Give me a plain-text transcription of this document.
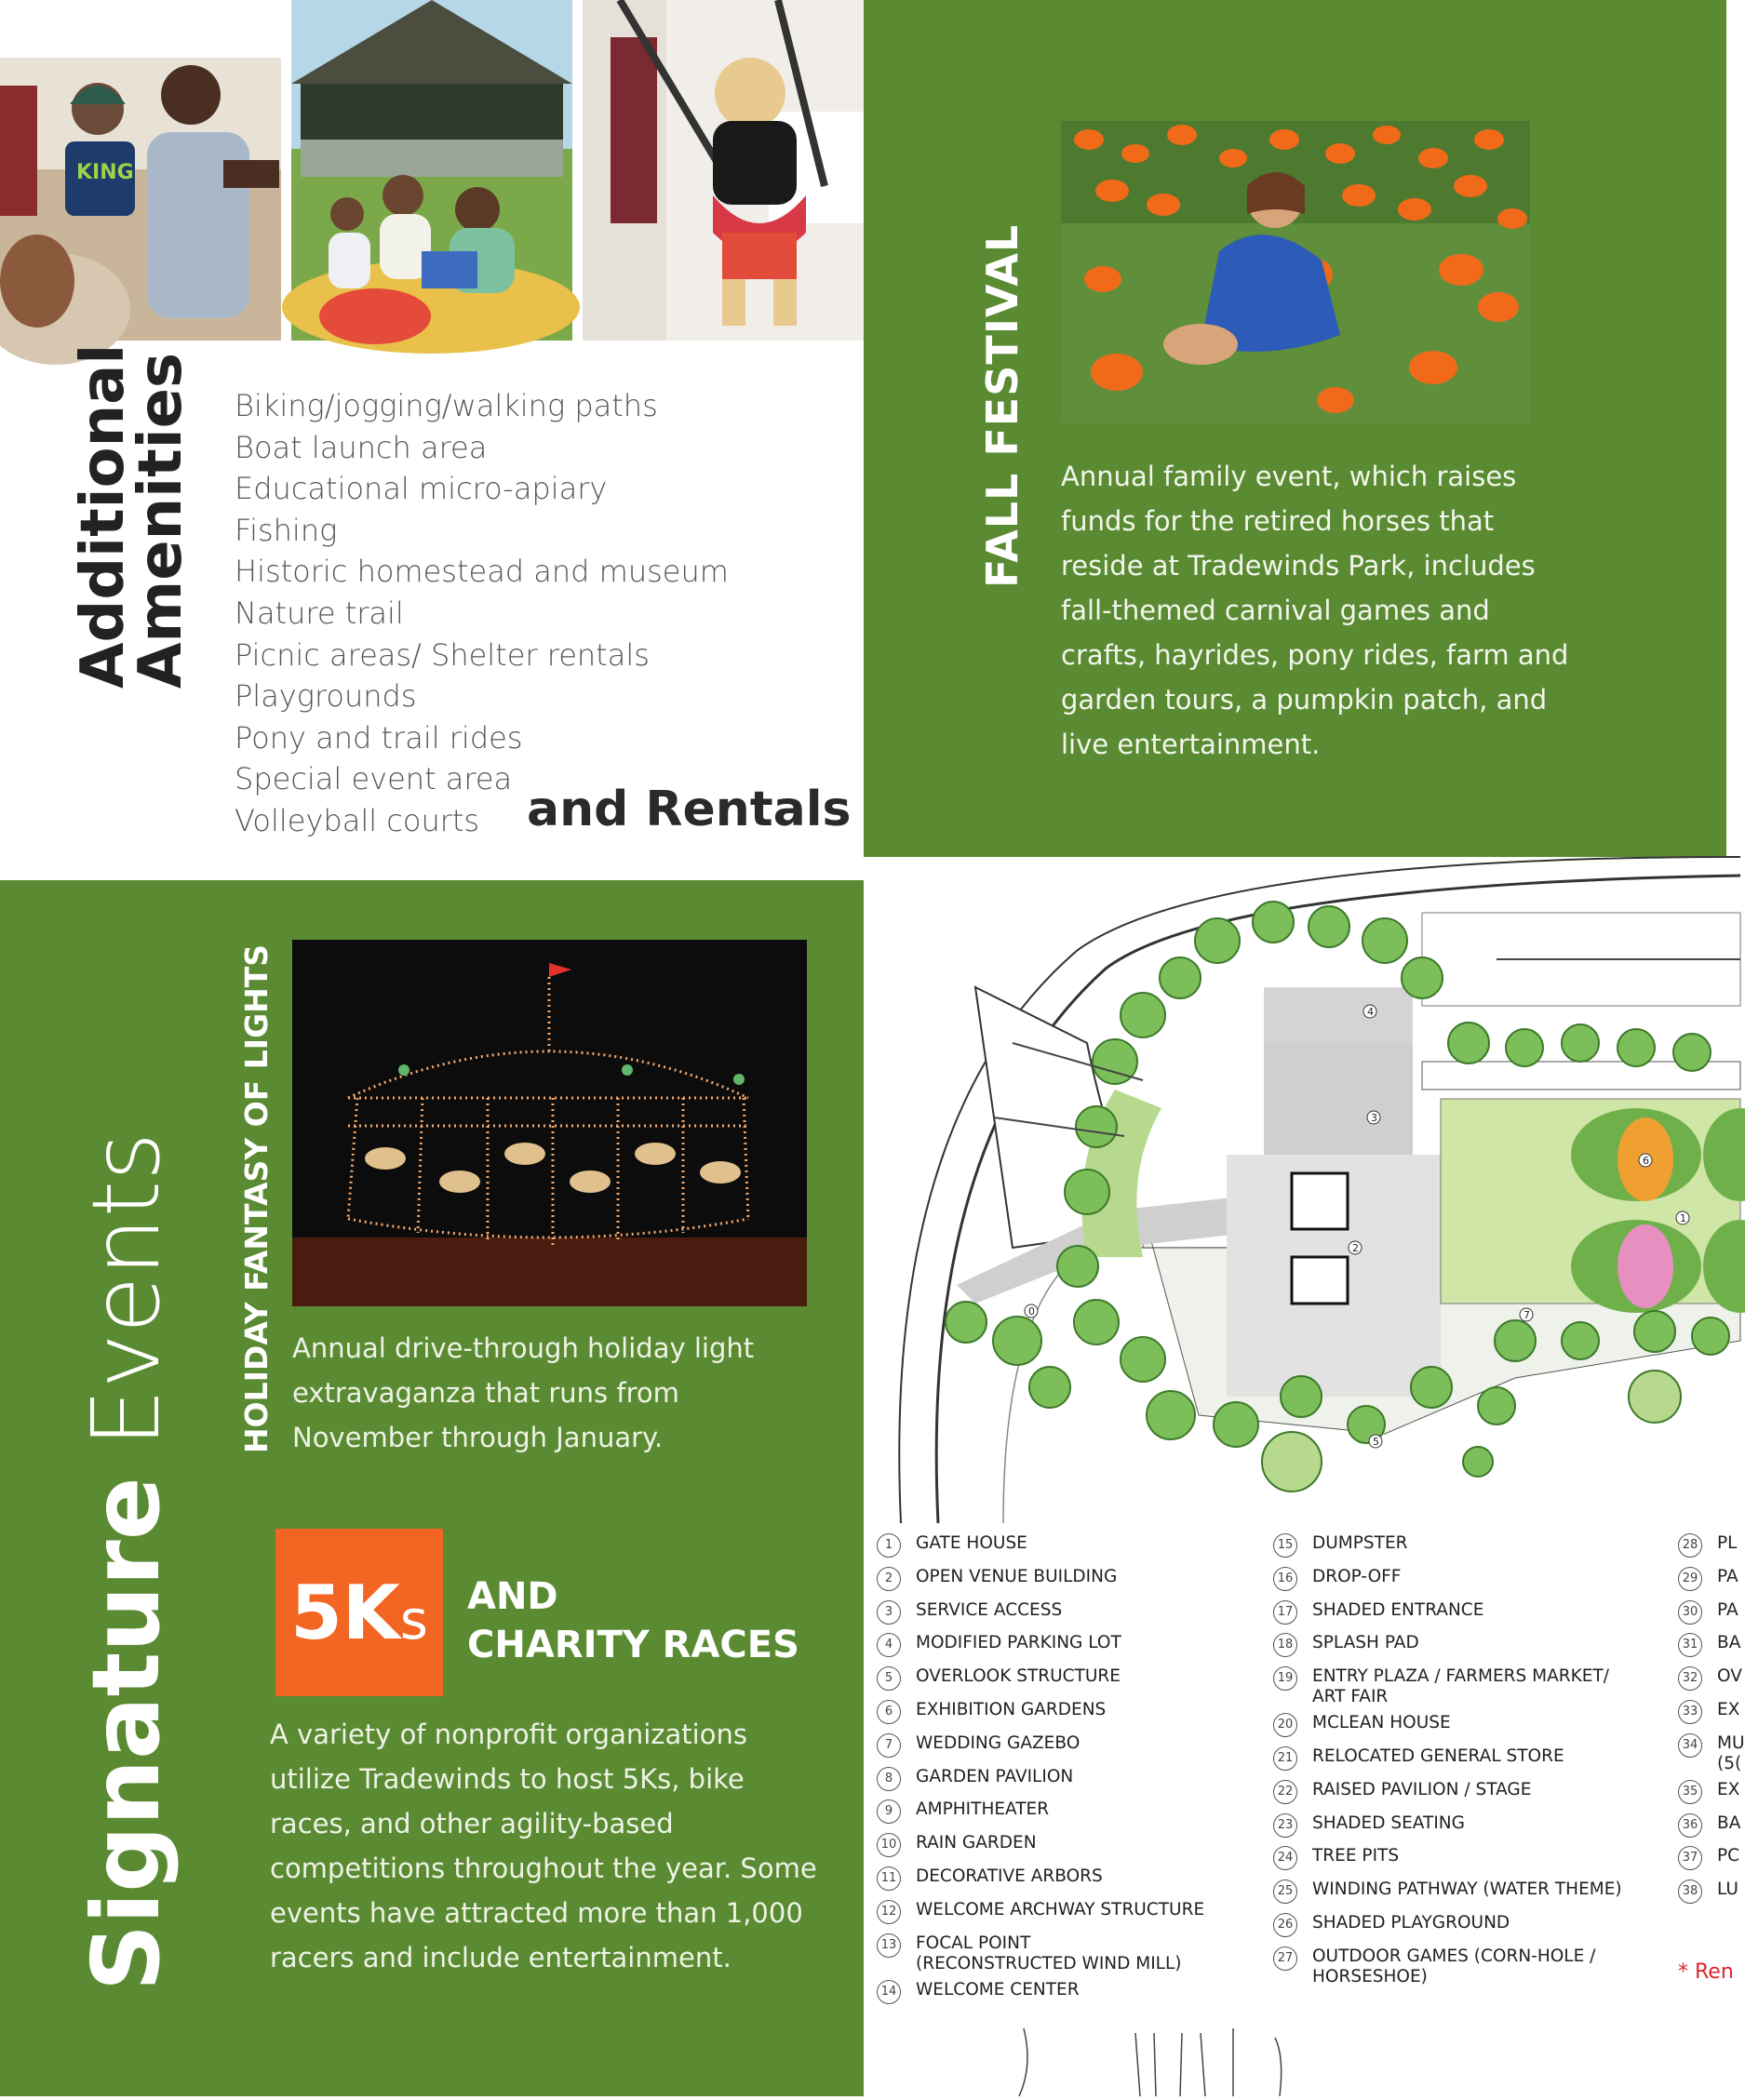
KING
Additional
Amenities Biking/jogging/walking paths
Boat launch area
Educational micro-apiary
Fishing
Historic homestead and museum
Nature trail
Picnic areas/ Shelter rentals
Playgrounds
Pony and trail rides
Special event area
Volleyball courts and Rentals
FALL FESTIVAL Annual family event, which raises funds for the retired horses that reside at Tradewinds Park, includes fall-themed carnival games and crafts, hayrides, pony rides, farm and garden tours, a pumpkin patch, and live entertainment.
Signature Events HOLIDAY FANTASY OF LIGHTS Annual drive-through holiday light extravaganza that runs from November through January.
5K s AND
CHARITY RACES
A variety of nonprofit organizations utilize Tradewinds to host 5Ks, bike races, and other agility-based competitions throughout the year. Some events have attracted more than 1,000 racers and include entertainment.
4
3
2
1
6
7
5
0
1	GATE HOUSE
2	OPEN VENUE BUILDING
3	SERVICE ACCESS
4	MODIFIED PARKING LOT
5	OVERLOOK STRUCTURE
6	EXHIBITION GARDENS
7	WEDDING GAZEBO
8	GARDEN PAVILION
9	AMPHITHEATER
10 RAIN GARDEN
11 DECORATIVE ARBORS
12 WELCOME ARCHWAY STRUCTURE
13 FOCAL POINT
(RECONSTRUCTED WIND MILL)
14 WELCOME CENTER
15 DUMPSTER
16 DROP-OFF
17 SHADED ENTRANCE
18 SPLASH PAD
19 ENTRY PLAZA / FARMERS MARKET/
ART FAIR
20 MCLEAN HOUSE
21 RELOCATED GENERAL STORE
22 RAISED PAVILION / STAGE
23 SHADED SEATING
24 TREE PITS
25 WINDING PATHWAY (WATER THEME)
26 SHADED PLAYGROUND
27 OUTDOOR GAMES (CORN-HOLE /
HORSESHOE)
28 PL
29 PA
30 PA
31 BA
32 OV
33 EX
34 MU
(5(
35 EX
36 BA
37 PC
38 LU
* Ren
